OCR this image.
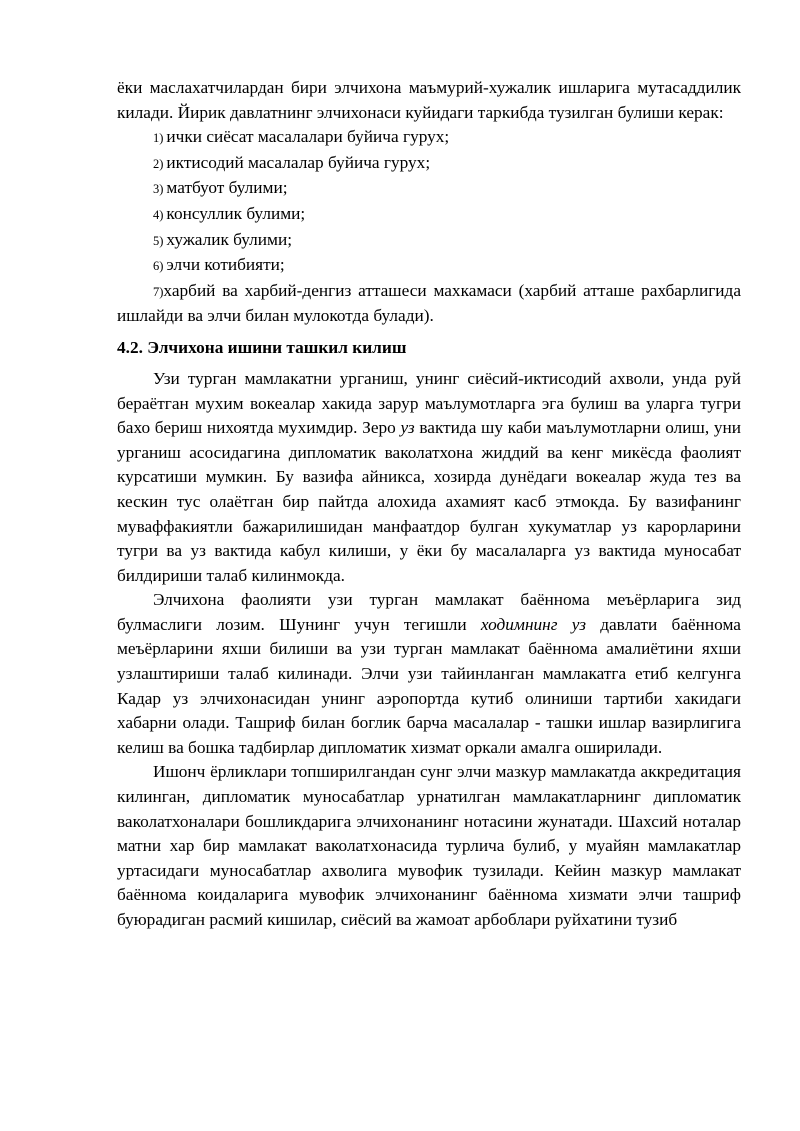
ёки маслахатчилардан бири элчихона маъмурий-хужалик ишларига мутасаддилик килади. Йирик давлатнинг элчихонаси куйидаги таркибда тузилган булиши керак:

1) ички сиёсат масалалари буйича гурух;
2) иктисодий масалалар буйича гурух;
3) матбуот булими;
4) консуллик булими;
5) хужалик булими;
6) элчи котибияти;

7)харбий ва харбий-денгиз атташеси махкамаси (харбий атташе рахбарлигида ишлайди ва элчи билан мулокотда булади).

4.2. Элчихона ишини ташкил килиш

Узи турган мамлакатни урганиш, унинг сиёсий-иктисодий ахволи, унда руй бераётган мухим вокеалар хакида зарур маълумотларга эга булиш ва уларга тугри бахо бериш нихоятда мухимдир. Зеро уз вактида шу каби маълумотларни олиш, уни урганиш асосидагина дипломатик ваколатхона жиддий ва кенг микёсда фаолият курсатиши мумкин. Бу вазифа айникса, хозирда дунёдаги вокеалар жуда тез ва кескин тус олаётган бир пайтда алохида ахамият касб этмокда. Бу вазифанинг муваффакиятли бажарилишидан манфаатдор булган хукуматлар уз карорларини тугри ва уз вактида кабул килиши, у ёки бу масалаларга уз вактида муносабат билдириши талаб килинмокда.

Элчихона фаолияти узи турган мамлакат баённома меъёрларига зид булмаслиги лозим. Шунинг учун тегишли ходимнинг уз давлати баённома меъёрларини яхши билиши ва узи турган мамлакат баённома амалиётини яхши узлаштириши талаб килинади. Элчи узи тайинланган мамлакатга етиб келгунга Кадар уз элчихонасидан унинг аэропортда кутиб олиниши тартиби хакидаги хабарни олади. Ташриф билан боглик барча масалалар - ташки ишлар вазирлигига келиш ва бошка тадбирлар дипломатик хизмат оркали амалга оширилади.

Ишонч ёрликлари топширилгандан сунг элчи мазкур мамлакатда аккредитация килинган, дипломатик муносабатлар урнатилган мамлакатларнинг дипломатик ваколатхоналари бошликдарига элчихонанинг нотасини жунатади. Шахсий ноталар матни хар бир мамлакат ваколатхонасида турлича булиб, у муайян мамлакатлар уртасидаги муносабатлар ахволига мувофик тузилади. Кейин мазкур мамлакат баённома коидаларига мувофик элчихонанинг баённома хизмати элчи ташриф буюрадиган расмий кишилар, сиёсий ва жамоат арбоблари руйхатини тузиб
